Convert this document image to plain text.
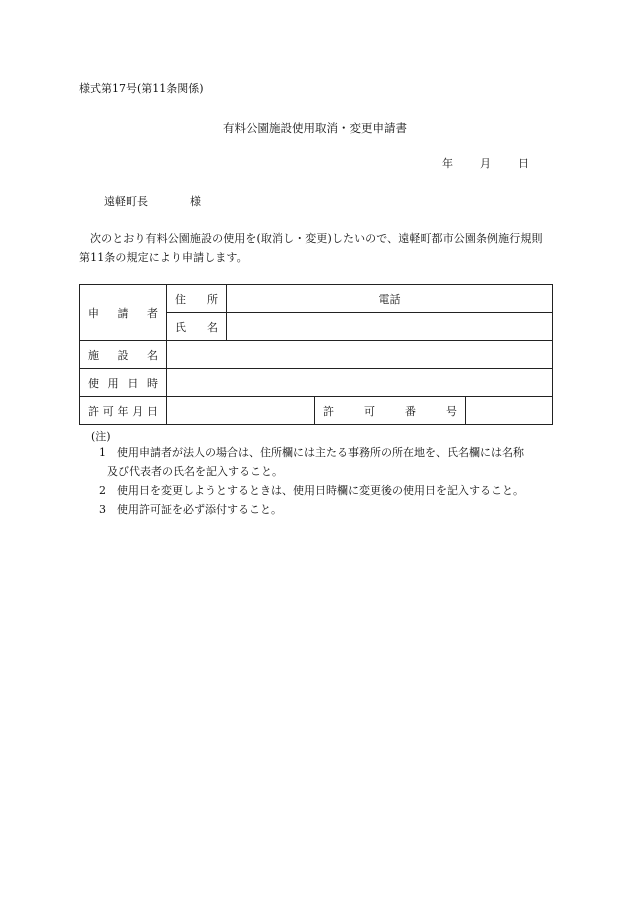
様式第17号(第11条関係)
有料公園施設使用取消・変更申請書
年 月 日
遠軽町長	様
次のとおり有料公園施設の使用を(取消し・変更)したいので、遠軽町都市公園条例施行規則第11条の規定により申請します。
申請者	住所	電話		
	氏名			
施設名				
使用日時				
許可年月日			許可番号	
(注)
1 使用申請者が法人の場合は、住所欄には主たる事務所の所在地を、氏名欄には名称
及び代表者の氏名を記入すること。
2 使用日を変更しようとするときは、使用日時欄に変更後の使用日を記入すること。
3 使用許可証を必ず添付すること。
